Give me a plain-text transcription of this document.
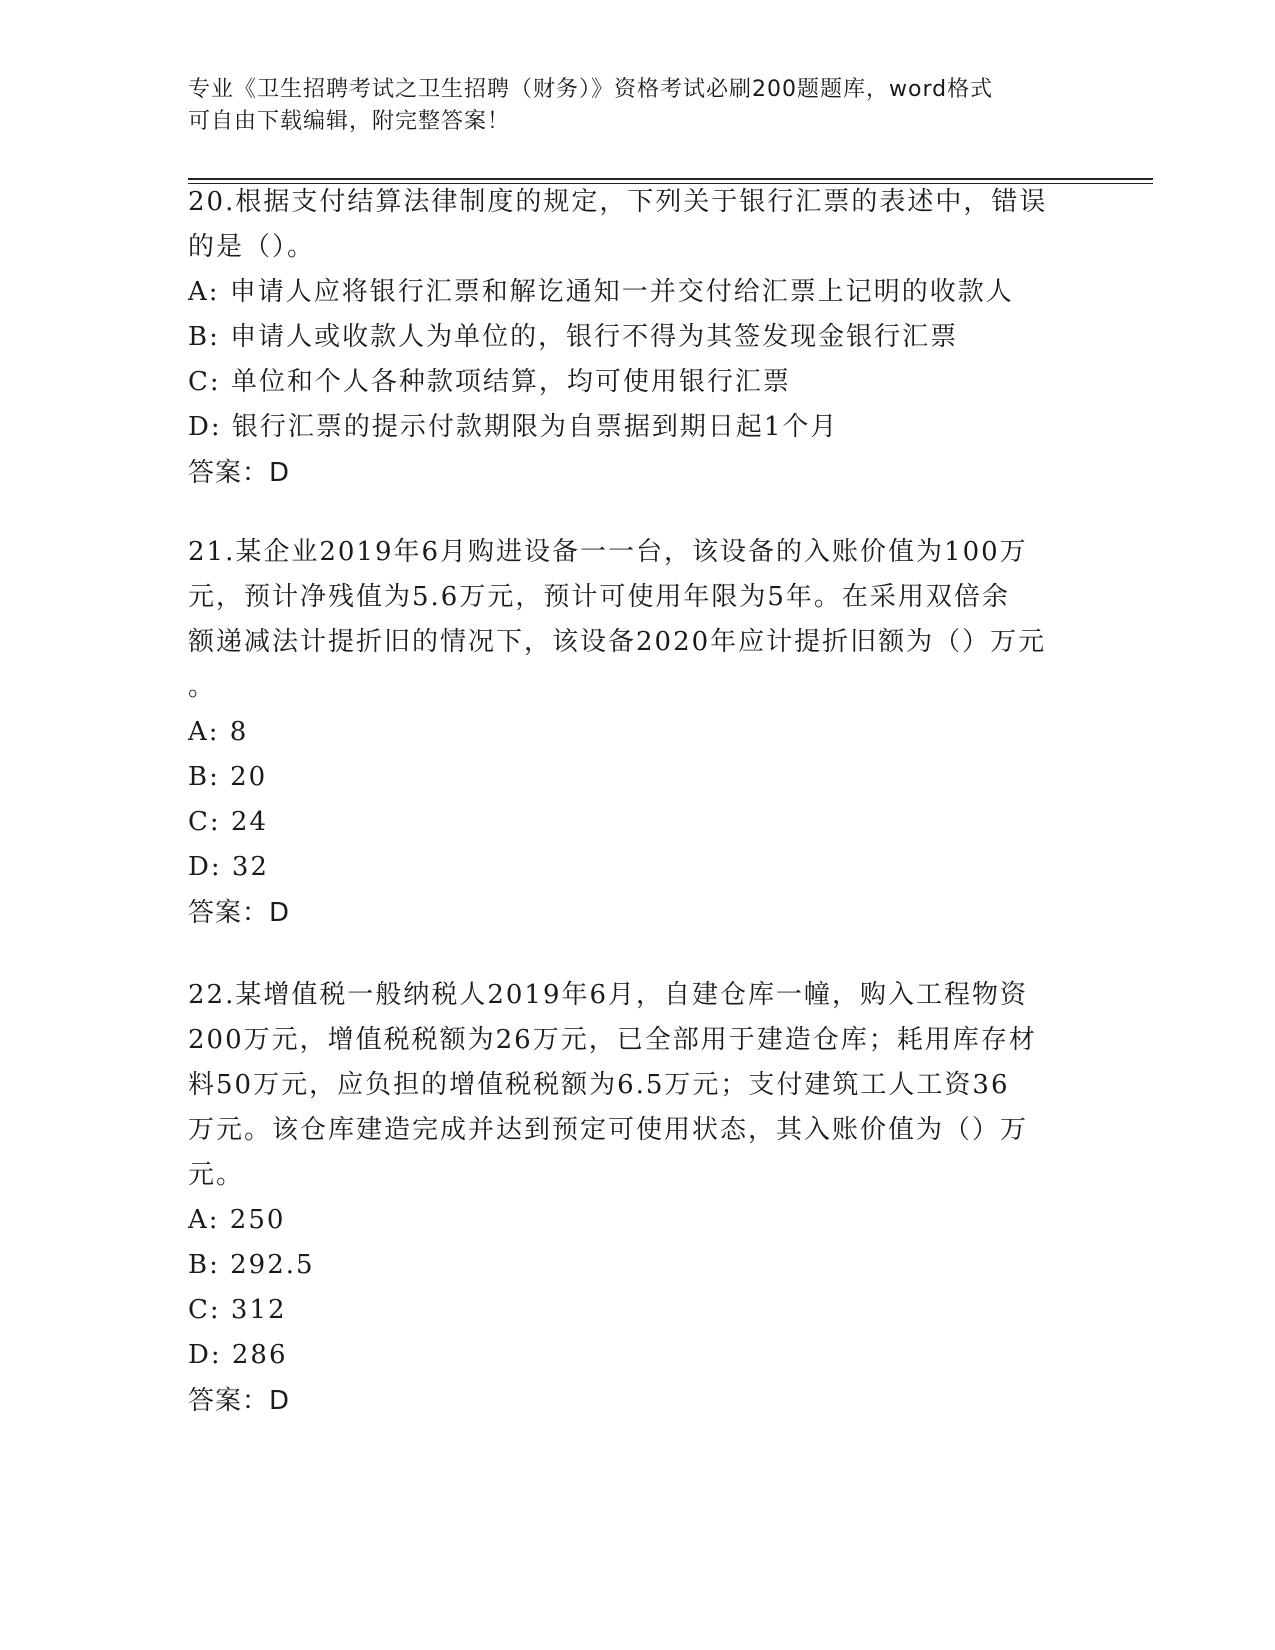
专业《卫生招聘考试之卫生招聘（财务）》资格考试必刷200题题库，word格式
可自由下载编辑，附完整答案！
20.根据支付结算法律制度的规定，下列关于银行汇票的表述中，错误
的是（）。
A: 申请人应将银行汇票和解讫通知一并交付给汇票上记明的收款人
B: 申请人或收款人为单位的，银行不得为其签发现金银行汇票
C: 单位和个人各种款项结算，均可使用银行汇票
D: 银行汇票的提示付款期限为自票据到期日起1个月
答案：D
21.某企业2019年6月购进设备一一台，该设备的入账价值为100万
元，预计净残值为5.6万元，预计可使用年限为5年。在采用双倍余
额递减法计提折旧的情况下，该设备2020年应计提折旧额为（）万元
。
A: 8
B: 20
C: 24
D: 32
答案：D
22.某增值税一般纳税人2019年6月，自建仓库一幢，购入工程物资
200万元，增值税税额为26万元，已全部用于建造仓库；耗用库存材
料50万元，应负担的增值税税额为6.5万元；支付建筑工人工资36
万元。该仓库建造完成并达到预定可使用状态，其入账价值为（）万
元。
A: 250
B: 292.5
C: 312
D: 286
答案：D
